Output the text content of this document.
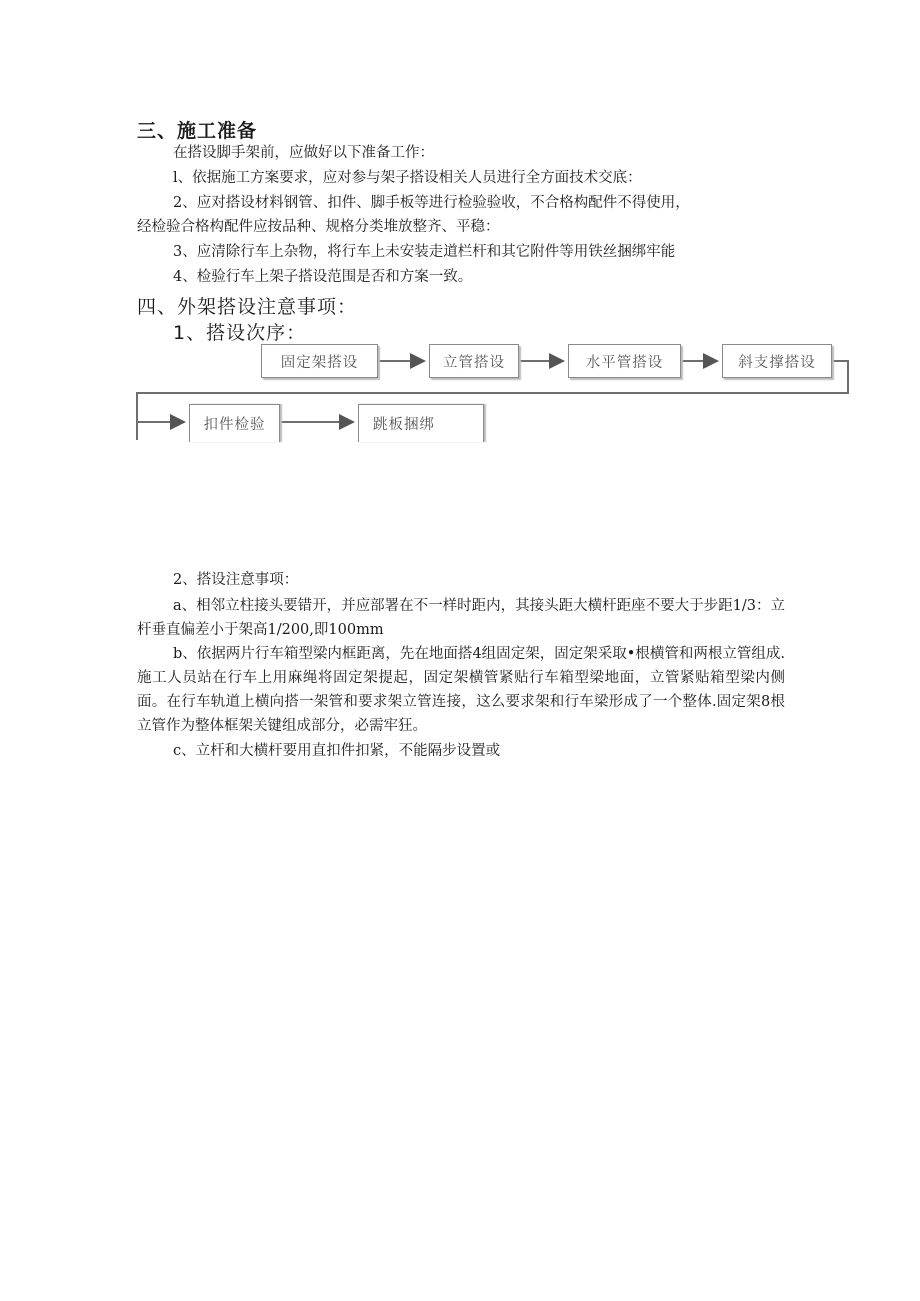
三、施工准备
在搭设脚手架前，应做好以下准备工作：
l、依据施工方案要求，应对参与架子搭设相关人员进行全方面技术交底：
2、应对搭设材料钢管、扣件、脚手板等进行检验验收，不合格构配件不得使用，
经检验合格构配件应按品种、规格分类堆放整齐、平稳：
3、应清除行车上杂物，将行车上未安装走道栏杆和其它附件等用铁丝捆绑牢能
4、检验行车上架子搭设范围是否和方案一致。
四、外架搭设注意事项：
1、搭设次序：
固定架搭设	立管搭设	水平管搭设	斜支撑搭设
扣件检验	跳板捆绑
2、搭设注意事项：
a、相邻立柱接头要错开，并应部署在不一样时距内，其接头距大横杆距座不要大于步距1/3：立杆垂直偏差小于架高1/200,即100mm
b、依据两片行车箱型梁内框距离，先在地面搭4组固定架，固定架采取•根横管和两根立管组成.施工人员站在行车上用麻绳将固定架提起，固定架横管紧贴行车箱型梁地面，立管紧贴箱型梁内侧面。在行车轨道上横向搭一架管和要求架立管连接，这么要求架和行车梁形成了一个整体.固定架8根立管作为整体框架关键组成部分，必需牢狂。
c、立杆和大横杆要用直扣件扣紧，不能隔步设置或
